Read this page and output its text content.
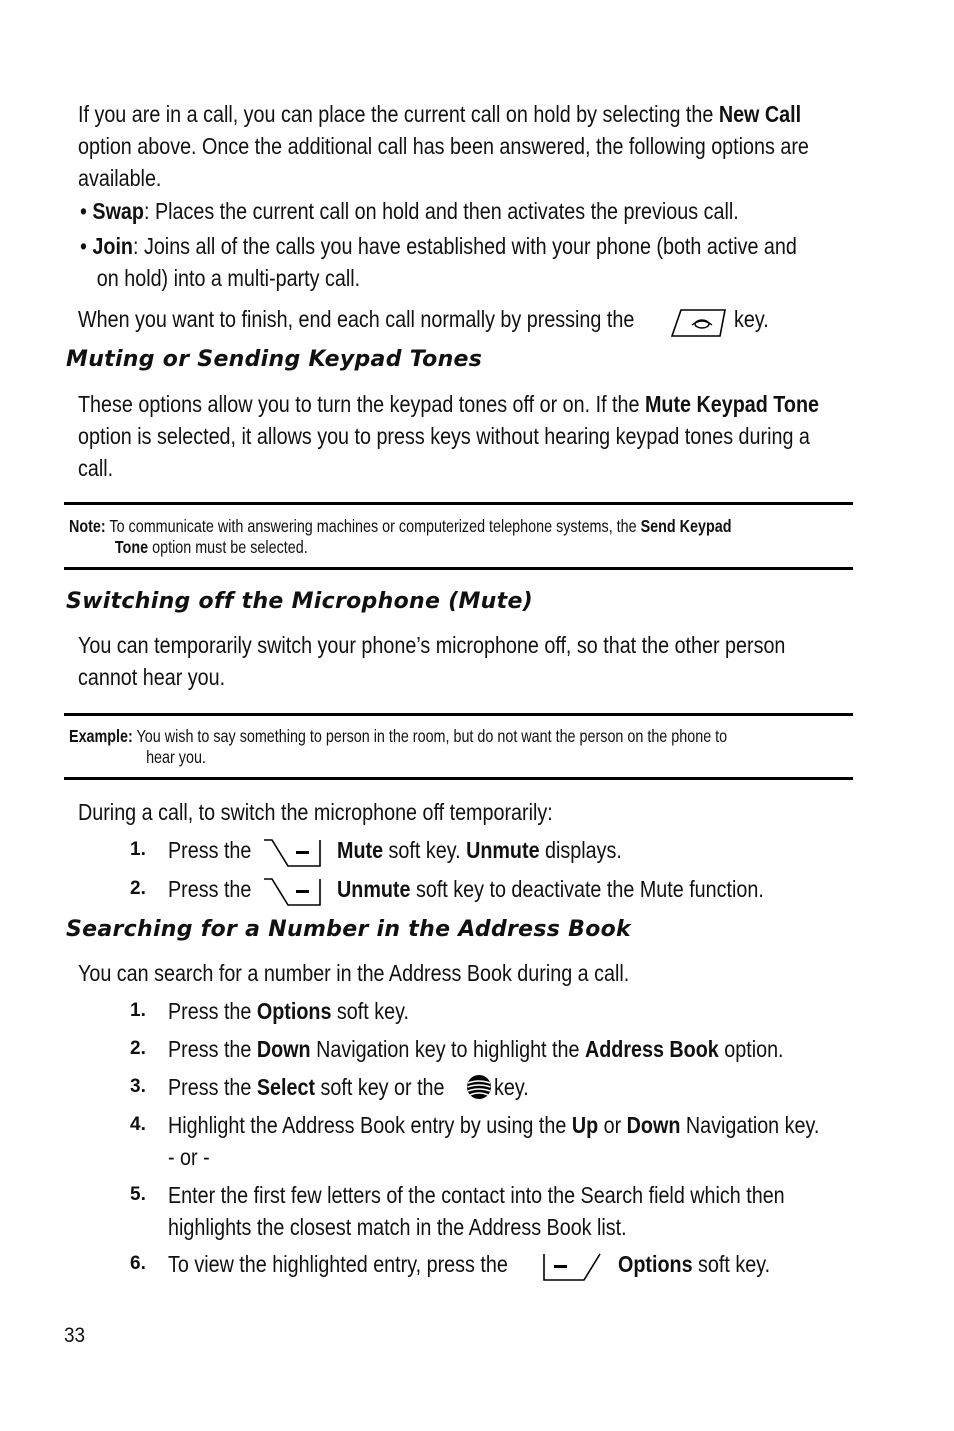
If you are in a call, you can place the current call on hold by selecting the New Call
option above. Once the additional call has been answered, the following options are
available.
• Swap: Places the current call on hold and then activates the previous call.
• Join: Joins all of the calls you have established with your phone (both active and
on hold) into a multi-party call.
When you want to finish, end each call normally by pressing the	key.
Muting or Sending Keypad Tones
These options allow you to turn the keypad tones off or on. If the Mute Keypad Tone
option is selected, it allows you to press keys without hearing keypad tones during a
call.
Note: To communicate with answering machines or computerized telephone systems, the Send Keypad
Tone option must be selected.
Switching off the Microphone (Mute)
You can temporarily switch your phone’s microphone off, so that the other person
cannot hear you.
Example: You wish to say something to person in the room, but do not want the person on the phone to
hear you.
During a call, to switch the microphone off temporarily:
1. Press the	Mute soft key. Unmute displays.
2. Press the	Unmute soft key to deactivate the Mute function.
Searching for a Number in the Address Book
You can search for a number in the Address Book during a call.
1. Press the Options soft key.
2. Press the Down Navigation key to highlight the Address Book option.
3. Press the Select soft key or the	key.
4. Highlight the Address Book entry by using the Up or Down Navigation key.
- or -
5. Enter the first few letters of the contact into the Search field which then
highlights the closest match in the Address Book list.
6. To view the highlighted entry, press the	Options soft key.
33
